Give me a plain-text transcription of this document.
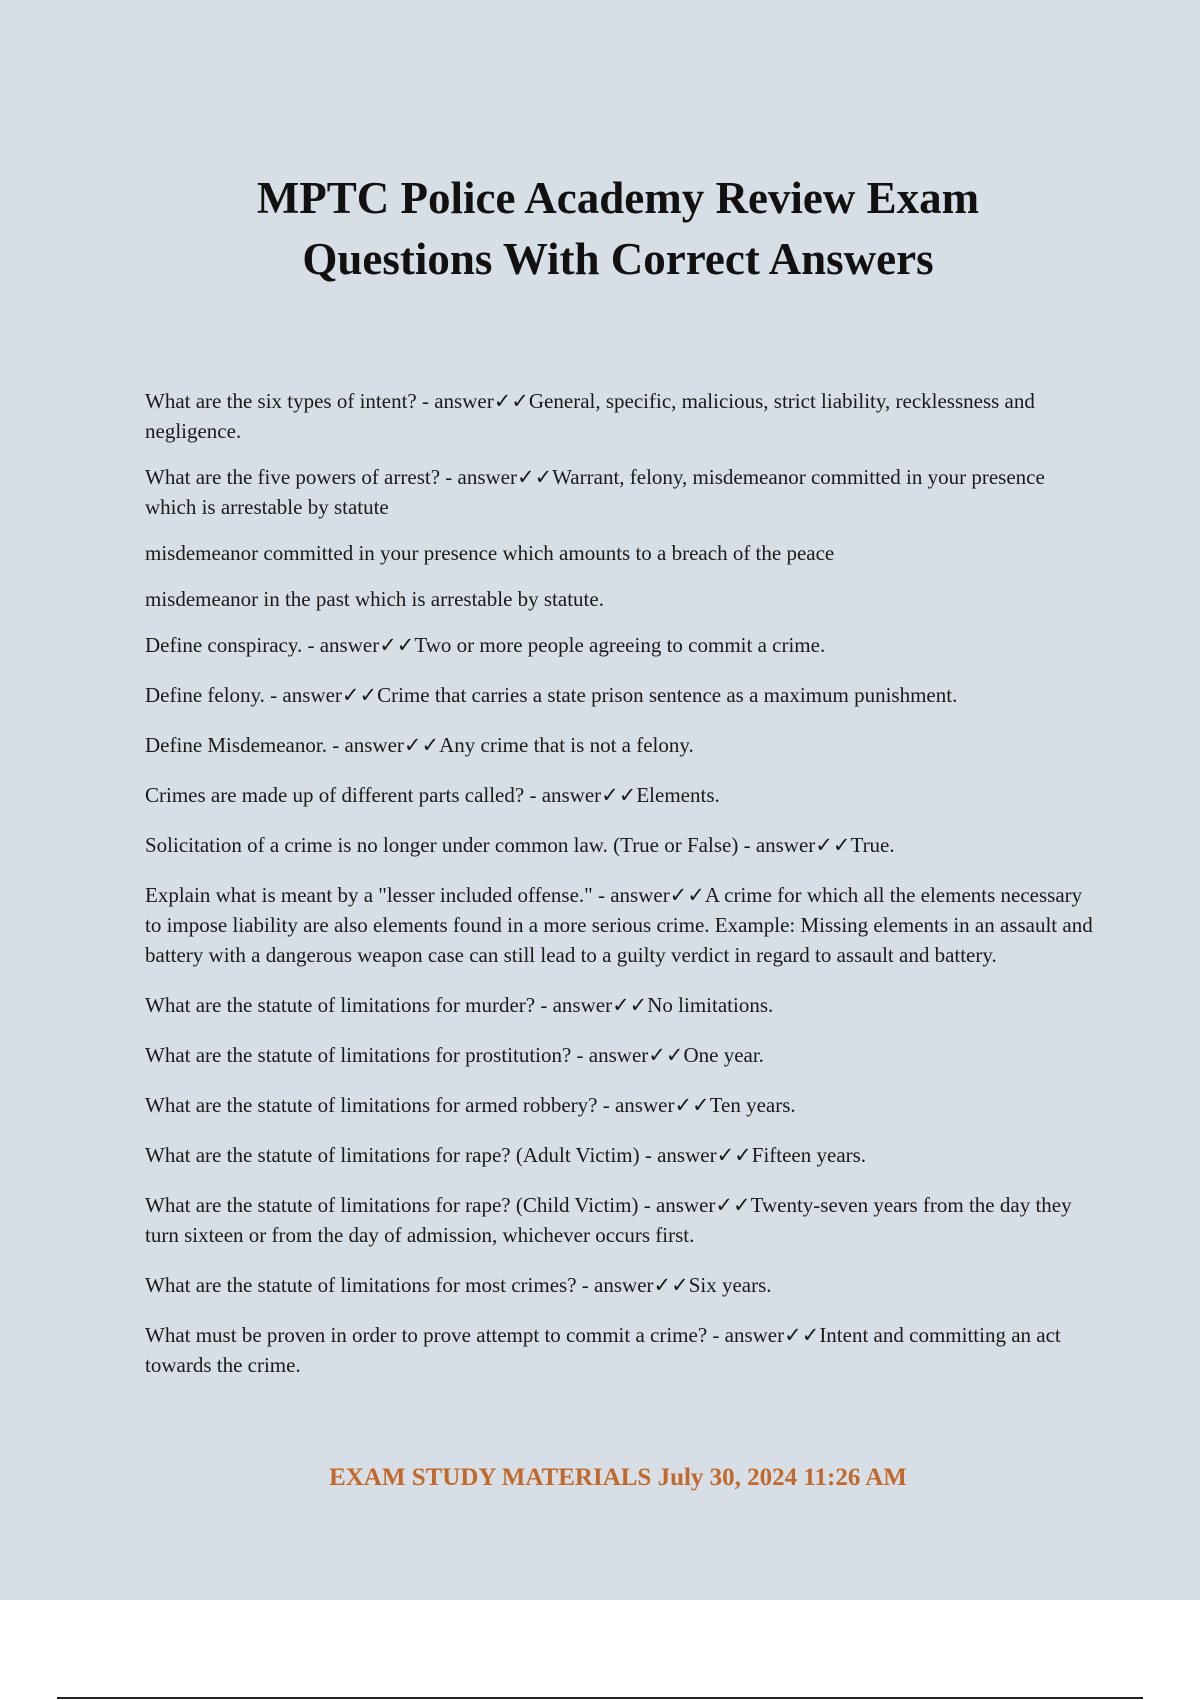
MPTC Police Academy Review Exam
Questions With Correct Answers
What are the six types of intent? - answer✓✓General, specific, malicious, strict liability, recklessness and negligence.
What are the five powers of arrest? - answer✓✓Warrant, felony, misdemeanor committed in your presence which is arrestable by statute
misdemeanor committed in your presence which amounts to a breach of the peace
misdemeanor in the past which is arrestable by statute.
Define conspiracy. - answer✓✓Two or more people agreeing to commit a crime.
Define felony. - answer✓✓Crime that carries a state prison sentence as a maximum punishment.
Define Misdemeanor. - answer✓✓Any crime that is not a felony.
Crimes are made up of different parts called? - answer✓✓Elements.
Solicitation of a crime is no longer under common law. (True or False) - answer✓✓True.
Explain what is meant by a "lesser included offense." - answer✓✓A crime for which all the elements necessary to impose liability are also elements found in a more serious crime. Example: Missing elements in an assault and battery with a dangerous weapon case can still lead to a guilty verdict in regard to assault and battery.
What are the statute of limitations for murder? - answer✓✓No limitations.
What are the statute of limitations for prostitution? - answer✓✓One year.
What are the statute of limitations for armed robbery? - answer✓✓Ten years.
What are the statute of limitations for rape? (Adult Victim) - answer✓✓Fifteen years.
What are the statute of limitations for rape? (Child Victim) - answer✓✓Twenty-seven years from the day they turn sixteen or from the day of admission, whichever occurs first.
What are the statute of limitations for most crimes? - answer✓✓Six years.
What must be proven in order to prove attempt to commit a crime? - answer✓✓Intent and committing an act towards the crime.
EXAM STUDY MATERIALS July 30, 2024 11:26 AM
